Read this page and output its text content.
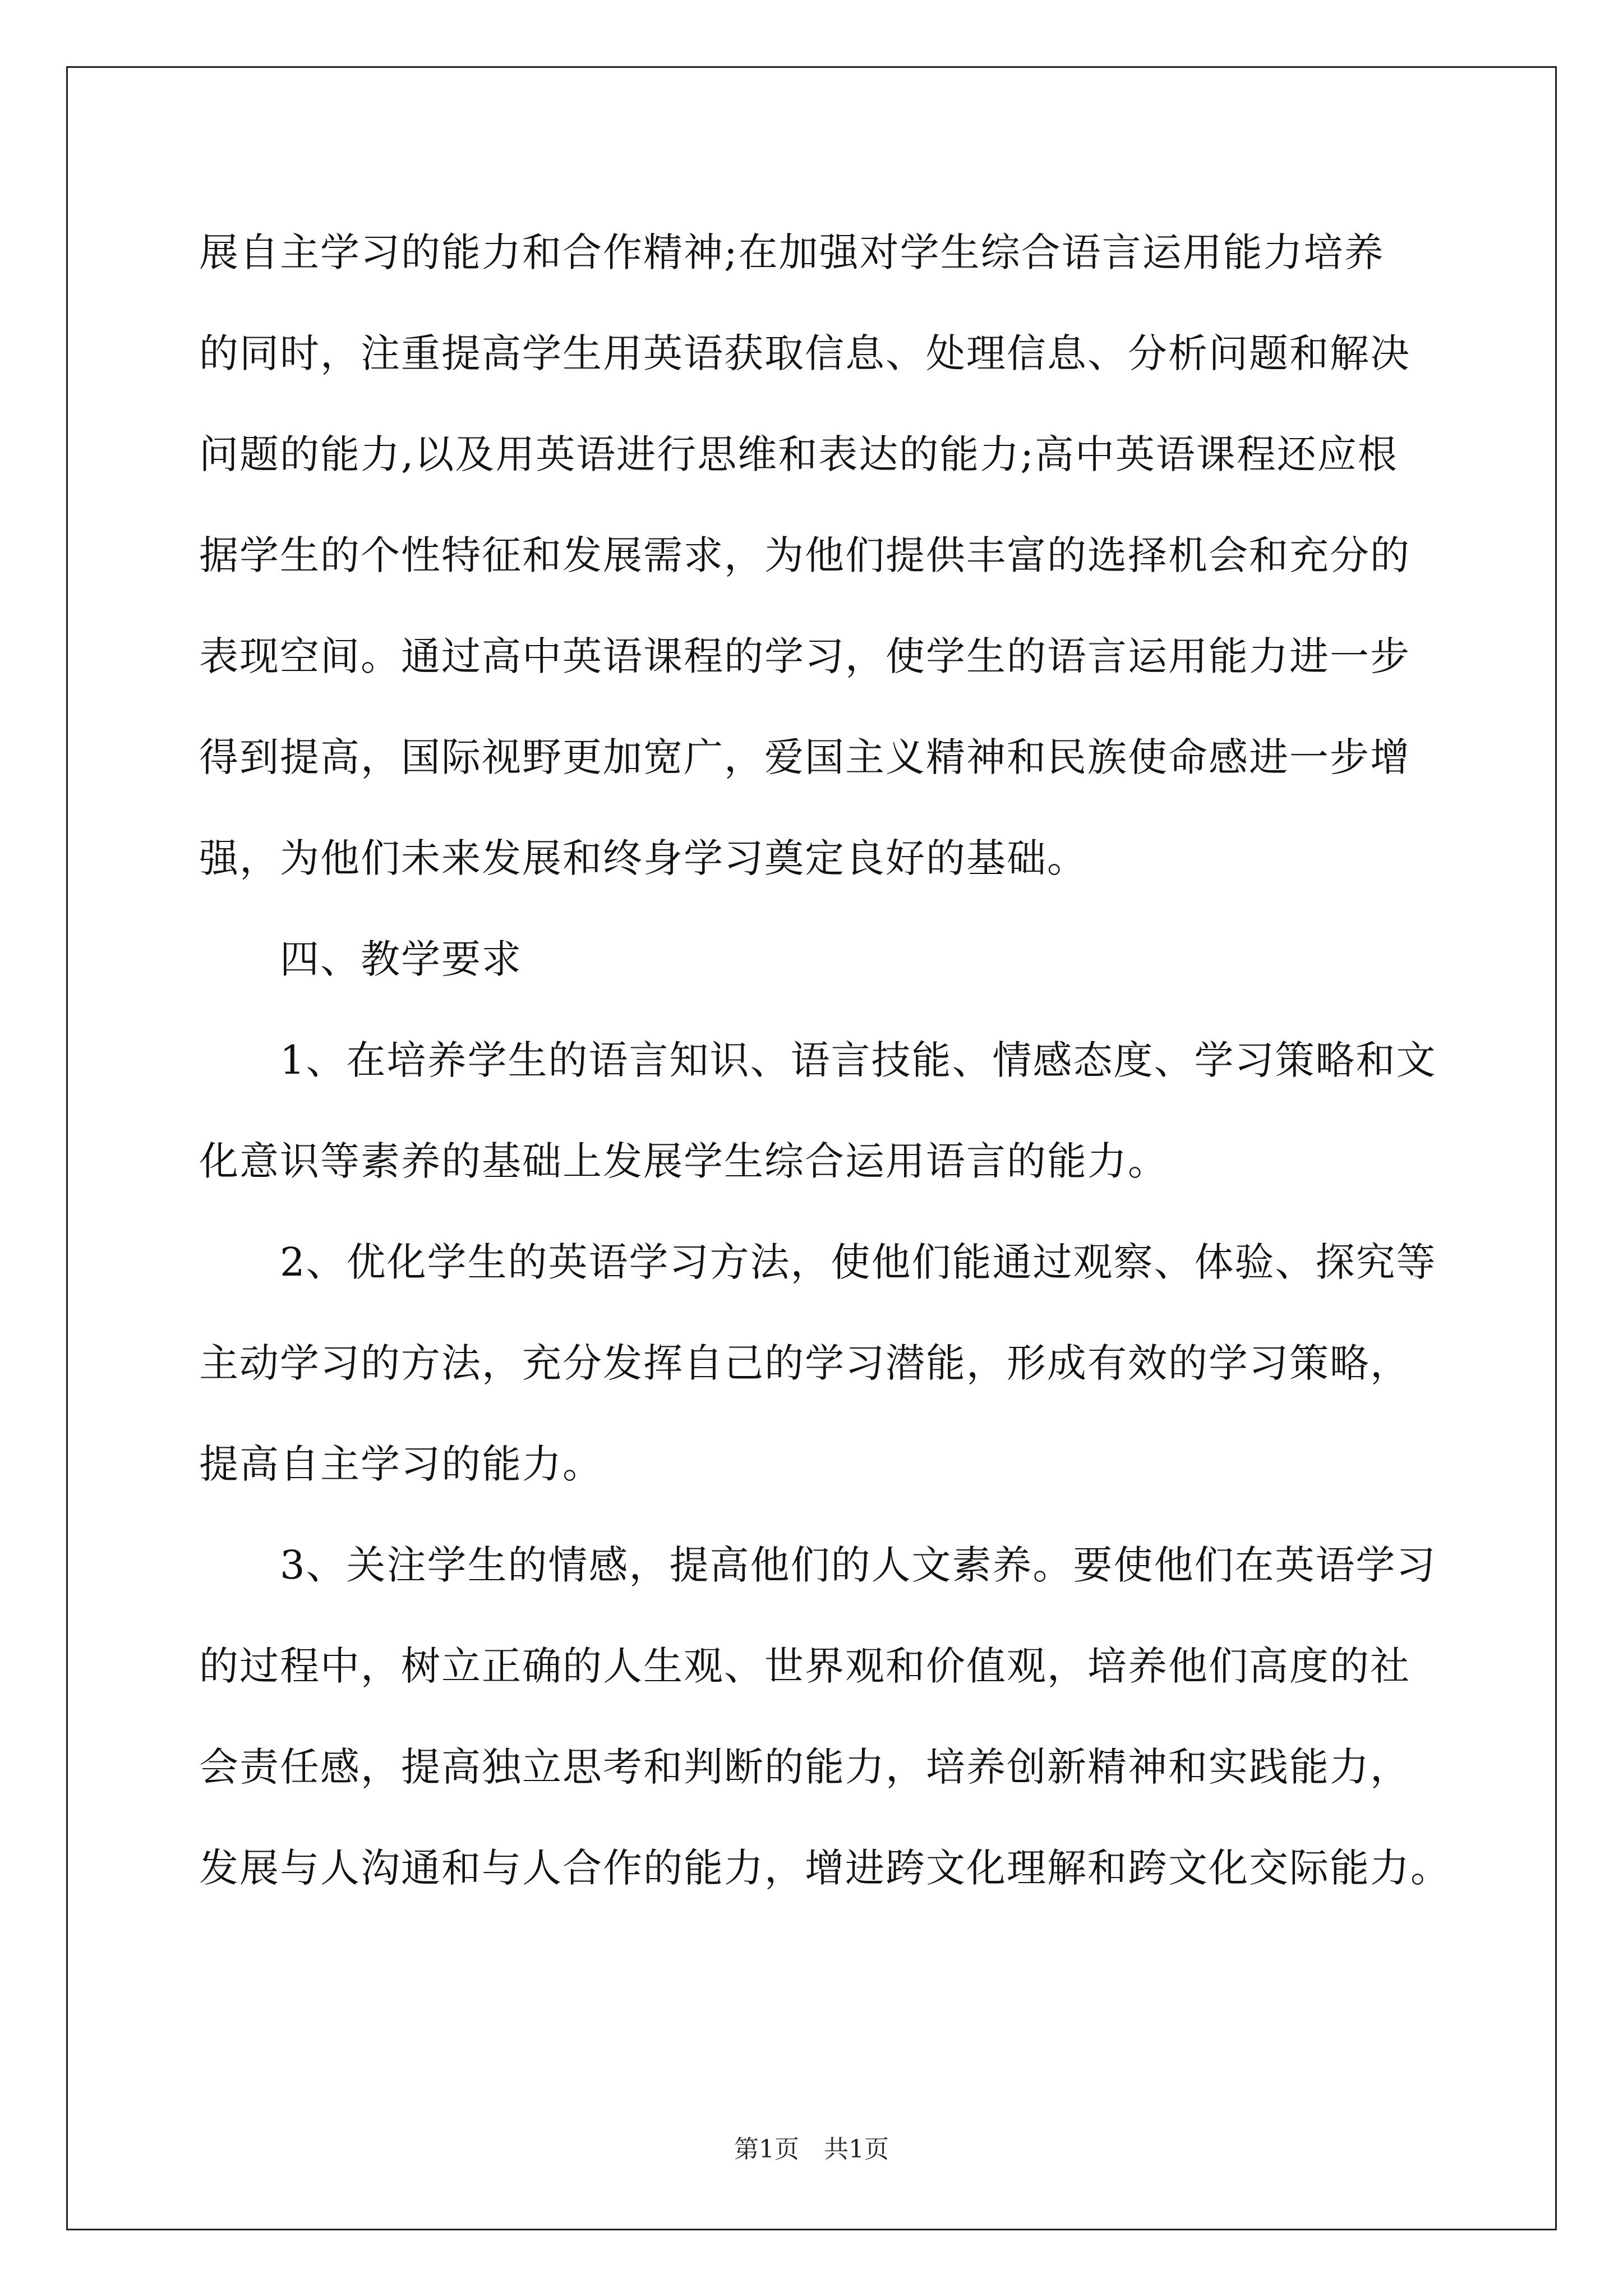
展自主学习的能力和合作精神;在加强对学生综合语言运用能力培养
的同时，注重提高学生用英语获取信息、处理信息、分析问题和解决
问题的能力,以及用英语进行思维和表达的能力;高中英语课程还应根
据学生的个性特征和发展需求，为他们提供丰富的选择机会和充分的
表现空间。通过高中英语课程的学习，使学生的语言运用能力进一步
得到提高，国际视野更加宽广，爱国主义精神和民族使命感进一步增
强，为他们未来发展和终身学习奠定良好的基础。
四、教学要求
1、在培养学生的语言知识、语言技能、情感态度、学习策略和文
化意识等素养的基础上发展学生综合运用语言的能力。
2、优化学生的英语学习方法，使他们能通过观察、体验、探究等
主动学习的方法，充分发挥自己的学习潜能，形成有效的学习策略，
提高自主学习的能力。
3、关注学生的情感，提高他们的人文素养。要使他们在英语学习
的过程中，树立正确的人生观、世界观和价值观，培养他们高度的社
会责任感，提高独立思考和判断的能力，培养创新精神和实践能力，
发展与人沟通和与人合作的能力，增进跨文化理解和跨文化交际能力。
第1页　共1页
